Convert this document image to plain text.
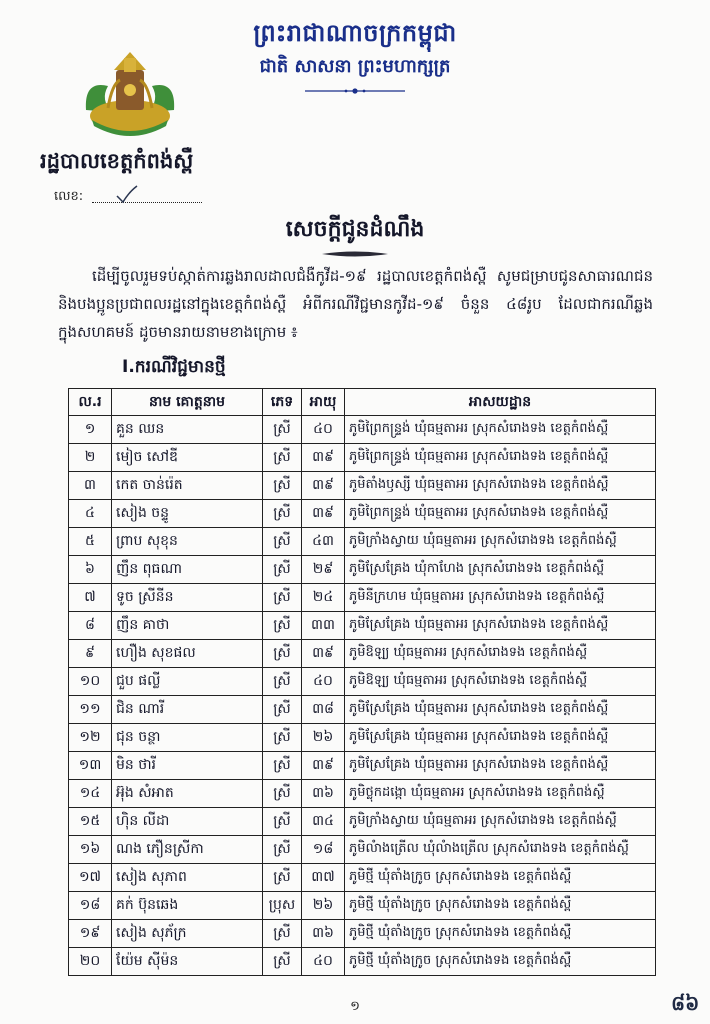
ព្រះរាជាណាចក្រកម្ពុជា
ជាតិ សាសនា ព្រះមហាក្សត្រ
រដ្ឋបាលខេត្តកំពង់ស្ពឺ
លេខ:
សេចក្តីជូនដំណឹង
ដើម្បីចូលរួមទប់ស្កាត់ការឆ្លងរាលដាលជំងឺកូវីដ-១៩ រដ្ឋបាលខេត្តកំពង់ស្ពឺ សូមជម្រាបជូនសាធារណជន និងបងប្អូនប្រជាពលរដ្ឋនៅក្នុងខេត្តកំពង់ស្ពឺ អំពីករណីវិជ្ជមានកូវីដ-១៩ ចំនួន ៤៨រូប ដែលជាករណីឆ្លងក្នុងសហគមន៍ ដូចមានរាយនាមខាងក្រោម ៖
I.ករណីវិជ្ជមានថ្មី
ល.រ	នាម គោត្តនាម	ភេទ	អាយុ	អាសយដ្ឋាន
១	គួន ឈន	ស្រី	៤០	ភូមិព្រៃកន្ទ្រង់ ឃុំធម្មតាអរ ស្រុកសំរោងទង ខេត្តកំពង់ស្ពឺ
២	មៀច សៅឌី	ស្រី	៣៩	ភូមិព្រៃកន្ទ្រង់ ឃុំធម្មតាអរ ស្រុកសំរោងទង ខេត្តកំពង់ស្ពឺ
៣	កេត ចាន់រ៉េត	ស្រី	៣៩	ភូមិតាំងឫស្សី ឃុំធម្មតាអរ ស្រុកសំរោងទង ខេត្តកំពង់ស្ពឺ
៤	សៀង ចន្ទូ	ស្រី	៣៩	ភូមិព្រៃកន្ទ្រង់ ឃុំធម្មតាអរ ស្រុកសំរោងទង ខេត្តកំពង់ស្ពឺ
៥	ព្រាប សុខុន	ស្រី	៤៣	ភូមិក្រាំងស្វាយ ឃុំធម្មតាអរ ស្រុកសំរោងទង ខេត្តកំពង់ស្ពឺ
៦	ញឹន ពុធណា	ស្រី	២៩	ភូមិស្រែគ្រែង ឃុំកាហែង ស្រុកសំរោងទង ខេត្តកំពង់ស្ពឺ
៧	ទូច ស្រីនីន	ស្រី	២៤	ភូមិនីក្រហម ឃុំធម្មតាអរ ស្រុកសំរោងទង ខេត្តកំពង់ស្ពឺ
៨	ញឹន គាថា	ស្រី	៣៣	ភូមិស្រែគ្រែង ឃុំធម្មតាអរ ស្រុកសំរោងទង ខេត្តកំពង់ស្ពឺ
៩	ហឿង សុខផល	ស្រី	៣៩	ភូមិឱឡ្យ ឃុំធម្មតាអរ ស្រុកសំរោងទង ខេត្តកំពង់ស្ពឺ
១០	ជួប ផល្លី	ស្រី	៤០	ភូមិឱឡ្យ ឃុំធម្មតាអរ ស្រុកសំរោងទង ខេត្តកំពង់ស្ពឺ
១១	ជិន ណារី	ស្រី	៣៨	ភូមិស្រែគ្រែង ឃុំធម្មតាអរ ស្រុកសំរោងទង ខេត្តកំពង់ស្ពឺ
១២	ជុន ចន្ថា	ស្រី	២៦	ភូមិស្រែគ្រែង ឃុំធម្មតាអរ ស្រុកសំរោងទង ខេត្តកំពង់ស្ពឺ
១៣	មិន ថារី	ស្រី	៣៩	ភូមិស្រែគ្រែង ឃុំធម្មតាអរ ស្រុកសំរោងទង ខេត្តកំពង់ស្ពឺ
១៤	អ៊ុង សំអាត	ស្រី	៣៦	ភូមិថ្លុកដង្កោ ឃុំធម្មតាអរ ស្រុកសំរោងទង ខេត្តកំពង់ស្ពឺ
១៥	ហ៊ិន លីដា	ស្រី	៣៤	ភូមិក្រាំងស្វាយ ឃុំធម្មតាអរ ស្រុកសំរោងទង ខេត្តកំពង់ស្ពឺ
១៦	ណង ភឿនស្រីកា	ស្រី	១៨	ភូមិលំាងត្រើល ឃុំលំាងត្រើល ស្រុកសំរោងទង ខេត្តកំពង់ស្ពឺ
១៧	សៀង សុភាព	ស្រី	៣៧	ភូមិថ្មី ឃុំតាំងក្រូច ស្រុកសំរោងទង ខេត្តកំពង់ស្ពឺ
១៨	គក់ ប៊ុនឆេង	ប្រុស	២៦	ភូមិថ្មី ឃុំតាំងក្រូច ស្រុកសំរោងទង ខេត្តកំពង់ស្ពឺ
១៩	សៀង សុភ័ក្រ	ស្រី	៣៦	ភូមិថ្មី ឃុំតាំងក្រូច ស្រុកសំរោងទង ខេត្តកំពង់ស្ពឺ
២០	យ៉ែម ស៊ីម៉ន	ស្រី	៤០	ភូមិថ្មី ឃុំតាំងក្រូច ស្រុកសំរោងទង ខេត្តកំពង់ស្ពឺ
១	៨៦
